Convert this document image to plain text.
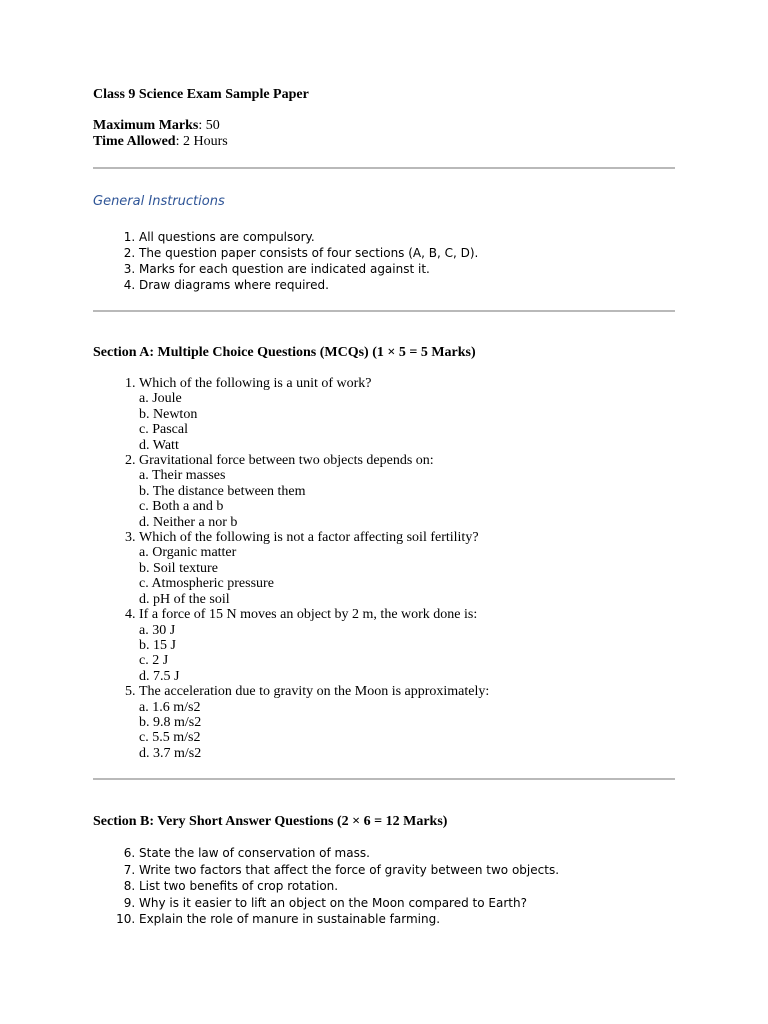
Class 9 Science Exam Sample Paper
Maximum Marks: 50
Time Allowed: 2 Hours
General Instructions
1. All questions are compulsory.
2. The question paper consists of four sections (A, B, C, D).
3. Marks for each question are indicated against it.
4. Draw diagrams where required.
Section A: Multiple Choice Questions (MCQs) (1 × 5 = 5 Marks)
1. Which of the following is a unit of work?
a. Joule
b. Newton
c. Pascal
d. Watt
2. Gravitational force between two objects depends on:
a. Their masses
b. The distance between them
c. Both a and b
d. Neither a nor b
3. Which of the following is not a factor affecting soil fertility?
a. Organic matter
b. Soil texture
c. Atmospheric pressure
d. pH of the soil
4. If a force of 15 N moves an object by 2 m, the work done is:
a. 30 J
b. 15 J
c. 2 J
d. 7.5 J
5. The acceleration due to gravity on the Moon is approximately:
a. 1.6 m/s2
b. 9.8 m/s2
c. 5.5 m/s2
d. 3.7 m/s2
Section B: Very Short Answer Questions (2 × 6 = 12 Marks)
6. State the law of conservation of mass.
7. Write two factors that affect the force of gravity between two objects.
8. List two benefits of crop rotation.
9. Why is it easier to lift an object on the Moon compared to Earth?
10. Explain the role of manure in sustainable farming.
